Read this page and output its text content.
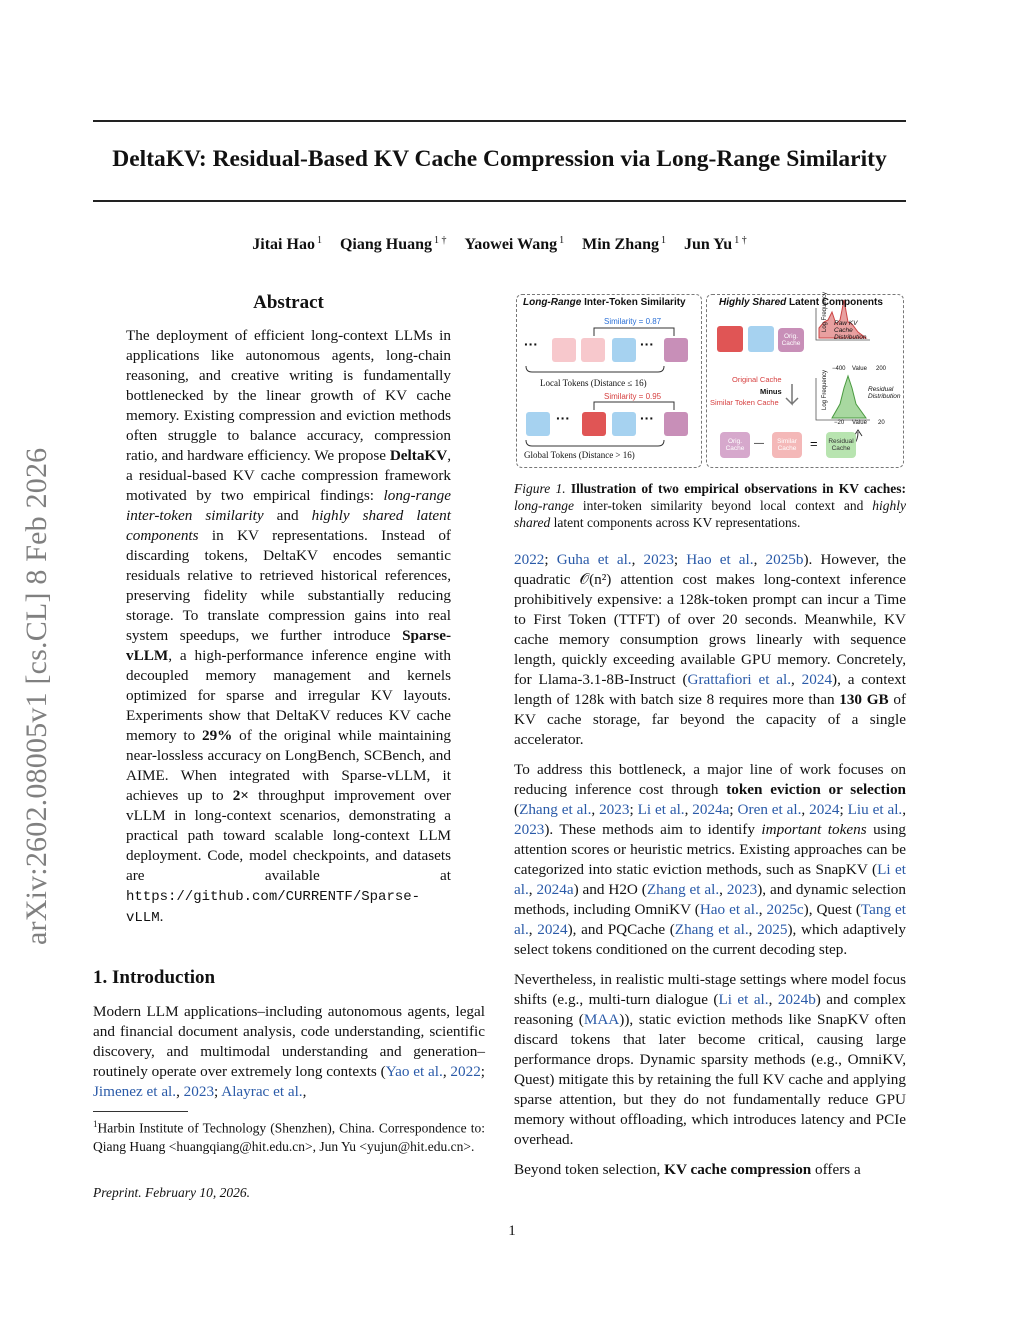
arXiv:2602.08005v1 [cs.CL] 8 Feb 2026
DeltaKV: Residual-Based KV Cache Compression via Long-Range Similarity
Jitai Hao $^1$ Qiang Huang $^{1 \dagger}$ Yaowei Wang $^1$ Min Zhang $^1$ Jun Yu $^{1 \dagger}$
Abstract
The deployment of efficient long-context LLMs in applications like autonomous agents, long-chain reasoning, and creative writing is fundamentally bottlenecked by the linear growth of KV cache memory. Existing compression and eviction methods often struggle to balance accuracy, compression ratio, and hardware efficiency. We propose DeltaKV, a residual-based KV cache compression framework motivated by two empirical findings: long-range inter-token similarity and highly shared latent components in KV representations. Instead of discarding tokens, DeltaKV encodes semantic residuals relative to retrieved historical references, preserving fidelity while substantially reducing storage. To translate compression gains into real system speedups, we further introduce Sparse-vLLM, a high-performance inference engine with decoupled memory management and kernels optimized for sparse and irregular KV layouts. Experiments show that DeltaKV reduces KV cache memory to 29% of the original while maintaining near-lossless accuracy on LongBench, SCBench, and AIME. When integrated with Sparse-vLLM, it achieves up to 2× throughput improvement over vLLM in long-context scenarios, demonstrating a practical path toward scalable long-context LLM deployment. Code, model checkpoints, and datasets are available at https://github.com/CURRENTF/Sparse-vLLM.
1. Introduction
Modern LLM applications–including autonomous agents, legal and financial document analysis, code understanding, scientific discovery, and multimodal understanding and generation–routinely operate over extremely long contexts (Yao et al., 2022; Jimenez et al., 2023; Alayrac et al.,
$^1$Harbin Institute of Technology (Shenzhen), China. Correspondence to: Qiang Huang <huangqiang@hit.edu.cn>, Jun Yu <yujun@hit.edu.cn>.
Preprint. February 10, 2026.
1
Long-Range Inter-Token Similarity
Similarity = 0.87
···	···
Local Tokens (Distance ≤ 16)
Similarity = 0.95
···	···
Global Tokens (Distance > 16)
Highly Shared Latent Components
Orig. Cache
Log Frequency Raw KV Cache Distribution
−400 Value 200
Original Cache
Minus
Similar Token Cache	Log Frequency	Residual Distribution
−20 Value 20
Orig. Cache —	Similar Cache	=	Residual Cache
Figure 1. Illustration of two empirical observations in KV caches: long-range inter-token similarity beyond local context and highly shared latent components across KV representations.
2022; Guha et al., 2023; Hao et al., 2025b). However, the quadratic 𝒪(n²) attention cost makes long-context inference prohibitively expensive: a 128k-token prompt can incur a Time to First Token (TTFT) of over 20 seconds. Meanwhile, KV cache memory consumption grows linearly with sequence length, quickly exceeding available GPU memory. Concretely, for Llama-3.1-8B-Instruct (Grattafiori et al., 2024), a context length of 128k with batch size 8 requires more than 130 GB of KV cache storage, far beyond the capacity of a single accelerator.
To address this bottleneck, a major line of work focuses on reducing inference cost through token eviction or selection (Zhang et al., 2023; Li et al., 2024a; Oren et al., 2024; Liu et al., 2023). These methods aim to identify important tokens using attention scores or heuristic metrics. Existing approaches can be categorized into static eviction methods, such as SnapKV (Li et al., 2024a) and H2O (Zhang et al., 2023), and dynamic selection methods, including OmniKV (Hao et al., 2025c), Quest (Tang et al., 2024), and PQCache (Zhang et al., 2025), which adaptively select tokens conditioned on the current decoding step.
Nevertheless, in realistic multi-stage settings where model focus shifts (e.g., multi-turn dialogue (Li et al., 2024b) and complex reasoning (MAA)), static eviction methods like SnapKV often discard tokens that later become critical, causing large performance drops. Dynamic sparsity methods (e.g., OmniKV, Quest) mitigate this by retaining the full KV cache and applying sparse attention, but they do not fundamentally reduce GPU memory without offloading, which introduces latency and PCIe overhead.
Beyond token selection, KV cache compression offers a
